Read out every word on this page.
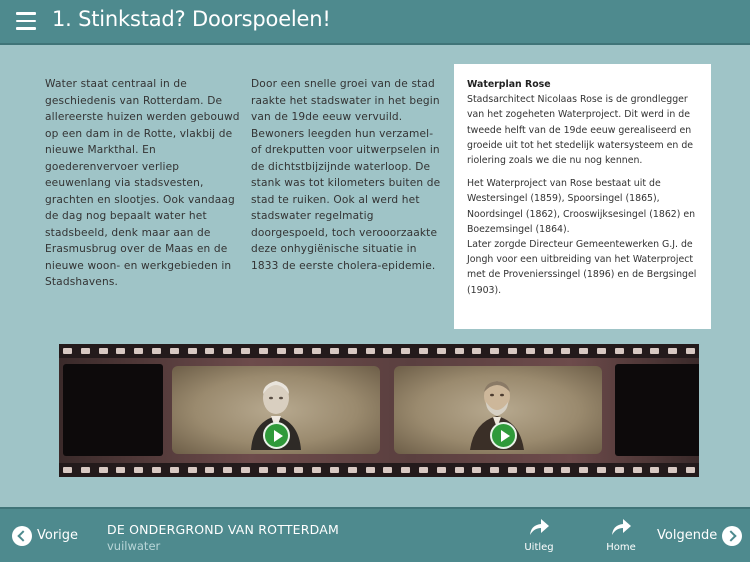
1. Stinkstad? Doorspoelen!
Water staat centraal in de geschiedenis van Rotterdam. De allereerste huizen werden gebouwd op een dam in de Rotte, vlakbij de nieuwe Markthal. En goederenvervoer verliep eeuwenlang via stadsvesten, grachten en slootjes. Ook vandaag de dag nog bepaalt water het stadsbeeld, denk maar aan de Erasmusbrug over de Maas en de nieuwe woon- en werkgebieden in Stadshavens.
Door een snelle groei van de stad raakte het stadswater in het begin van de 19de eeuw vervuild. Bewoners leegden hun verzamel- of drekputten voor uitwerpselen in de dichtstbijzijnde waterloop. De stank was tot kilometers buiten de stad te ruiken. Ook al werd het stadswater regelmatig doorgespoeld, toch verooorzaakte deze onhygiënische situatie in 1833 de eerste cholera-epidemie.
Waterplan Rose

Stadsarchitect Nicolaas Rose is de grondlegger van het zogeheten Waterproject. Dit werd in de tweede helft van de 19de eeuw gerealiseerd en groeide uit tot het stedelijk watersysteem en de riolering zoals we die nu nog kennen.

Het Waterproject van Rose bestaat uit de Westersingel (1859), Spoorsingel (1865), Noordsingel (1862), Crooswijksesingel (1862) en Boezemsingel (1864).
Later zorgde Directeur Gemeentewerken G.J. de Jongh voor een uitbreiding van het Waterproject met de Provenierssingel (1896) en de Bergsingel (1903).
Vorige DE ONDERGROND VAN ROTTERDAM
vuilwater	Uitleg	Home
Volgende
